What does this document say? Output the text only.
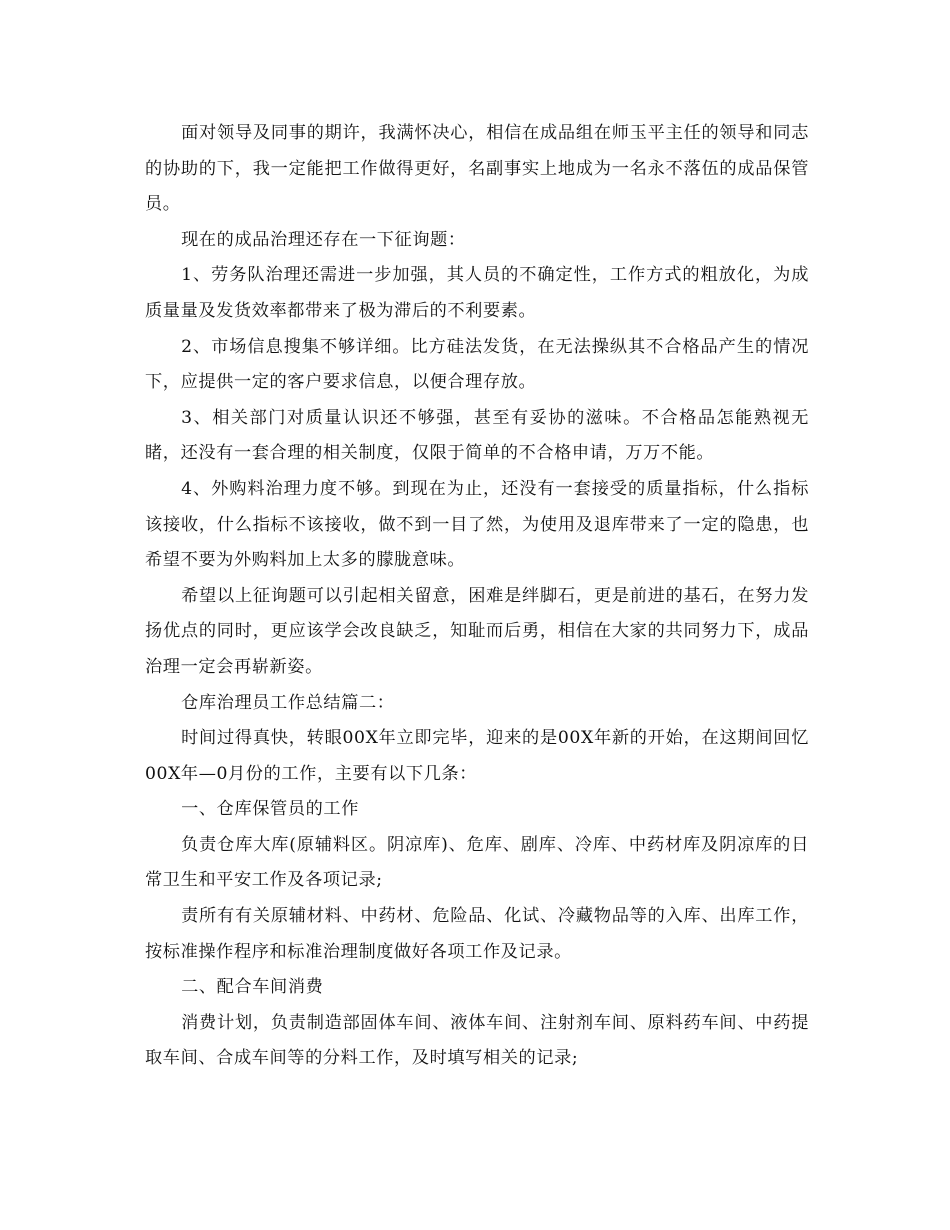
面对领导及同事的期许，我满怀决心，相信在成品组在师玉平主任的领导和同志的协助的下，我一定能把工作做得更好，名副事实上地成为一名永不落伍的成品保管员。

现在的成品治理还存在一下征询题：

1、劳务队治理还需进一步加强，其人员的不确定性，工作方式的粗放化，为成质量量及发货效率都带来了极为滞后的不利要素。

2、市场信息搜集不够详细。比方硅法发货，在无法操纵其不合格品产生的情况下，应提供一定的客户要求信息，以便合理存放。

3、相关部门对质量认识还不够强，甚至有妥协的滋味。不合格品怎能熟视无睹，还没有一套合理的相关制度，仅限于简单的不合格申请，万万不能。

4、外购料治理力度不够。到现在为止，还没有一套接受的质量指标，什么指标该接收，什么指标不该接收，做不到一目了然，为使用及退库带来了一定的隐患，也希望不要为外购料加上太多的朦胧意味。

希望以上征询题可以引起相关留意，困难是绊脚石，更是前进的基石，在努力发扬优点的同时，更应该学会改良缺乏，知耻而后勇，相信在大家的共同努力下，成品治理一定会再崭新姿。

仓库治理员工作总结篇二：

时间过得真快，转眼00X年立即完毕，迎来的是00X年新的开始，在这期间回忆00X年—0月份的工作，主要有以下几条：

一、仓库保管员的工作

负责仓库大库(原辅料区。阴凉库)、危库、剧库、冷库、中药材库及阴凉库的日常卫生和平安工作及各项记录;

责所有有关原辅材料、中药材、危险品、化试、冷藏物品等的入库、出库工作，按标准操作程序和标准治理制度做好各项工作及记录。

二、配合车间消费

消费计划，负责制造部固体车间、液体车间、注射剂车间、原料药车间、中药提取车间、合成车间等的分料工作，及时填写相关的记录;
